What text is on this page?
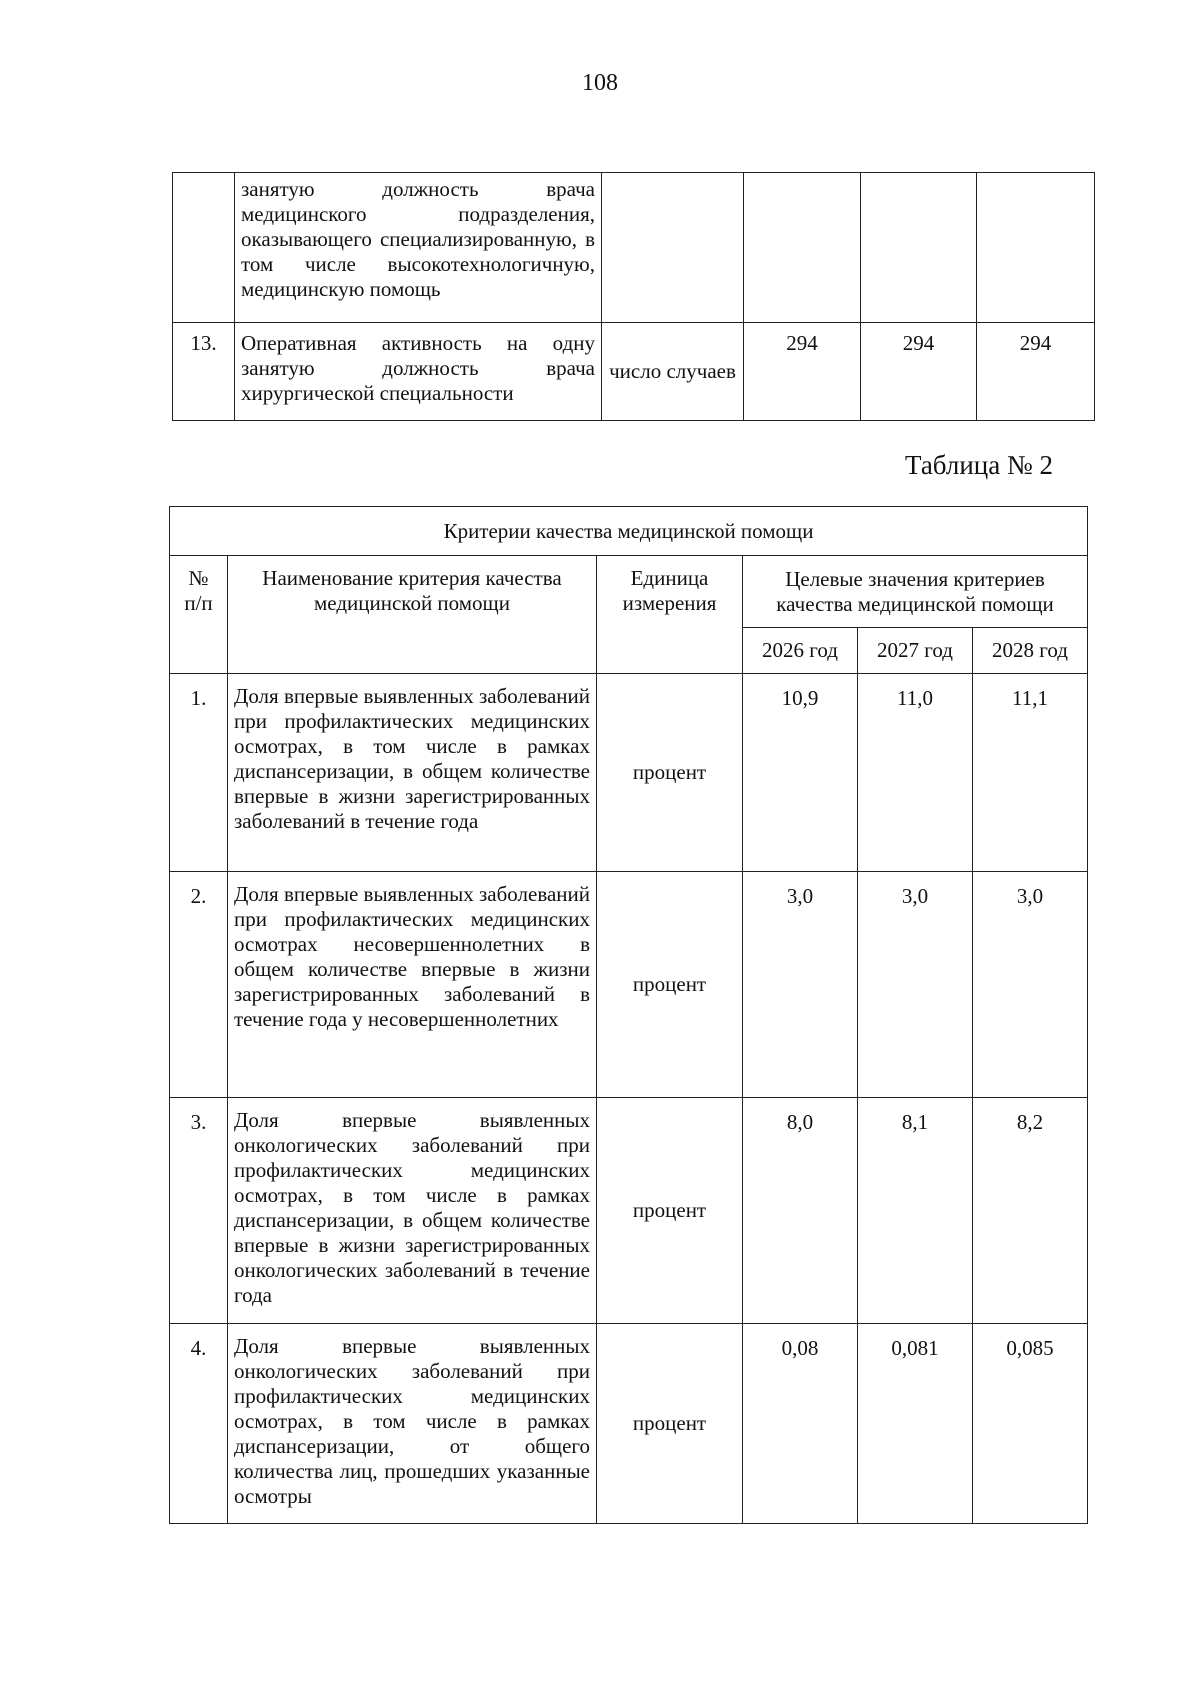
108
	занятую должность врача медицинского подразделения, оказывающего специализированную, в том числе высокотехнологичную, медицинскую помощь				
13.	Оперативная активность на одну занятую должность врача хирургической специальности	число случаев	294	294	294
Таблица № 2
Критерии качества медицинской помощи					
№ п/п	Наименование критерия качества медицинской помощи	Единица измерения	Целевые значения критериев качества медицинской помощи		
			2026 год	2027 год	2028 год
1.	Доля впервые выявленных заболеваний при профилактических медицинских осмотрах, в том числе в рамках диспансеризации, в общем количестве впервые в жизни зарегистрированных заболеваний в течение года	процент	10,9	11,0	11,1
2.	Доля впервые выявленных заболеваний при профилактических медицинских осмотрах несовершеннолетних в общем количестве впервые в жизни зарегистрированных заболеваний в течение года у несовершеннолетних	процент	3,0	3,0	3,0
3.	Доля впервые выявленных онкологических заболеваний при профилактических медицинских осмотрах, в том числе в рамках диспансеризации, в общем количестве впервые в жизни зарегистрированных онкологических заболеваний в течение года	процент	8,0	8,1	8,2
4.	Доля впервые выявленных онкологических заболеваний при профилактических медицинских осмотрах, в том числе в рамках диспансеризации, от общего количества лиц, прошедших указанные осмотры	процент	0,08	0,081	0,085
